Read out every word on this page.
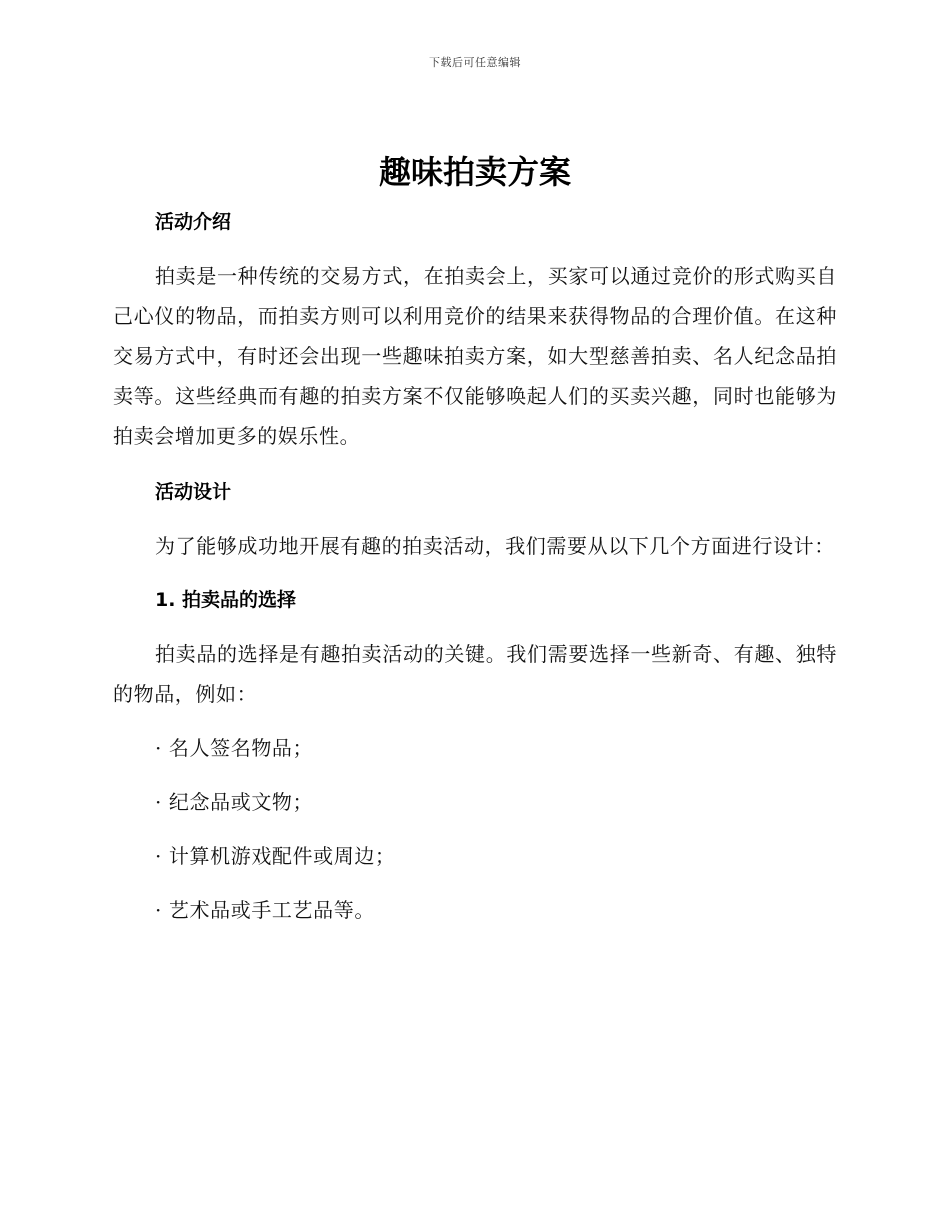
下载后可任意编辑
趣味拍卖方案
活动介绍

拍卖是一种传统的交易方式，在拍卖会上，买家可以通过竞价的形式购买自己心仪的物品，而拍卖方则可以利用竞价的结果来获得物品的合理价值。在这种交易方式中，有时还会出现一些趣味拍卖方案，如大型慈善拍卖、名人纪念品拍卖等。这些经典而有趣的拍卖方案不仅能够唤起人们的买卖兴趣，同时也能够为拍卖会增加更多的娱乐性。

活动设计

为了能够成功地开展有趣的拍卖活动，我们需要从以下几个方面进行设计：

1. 拍卖品的选择

拍卖品的选择是有趣拍卖活动的关键。我们需要选择一些新奇、有趣、独特的物品，例如：

· 名人签名物品；

· 纪念品或文物；

· 计算机游戏配件或周边；

· 艺术品或手工艺品等。
